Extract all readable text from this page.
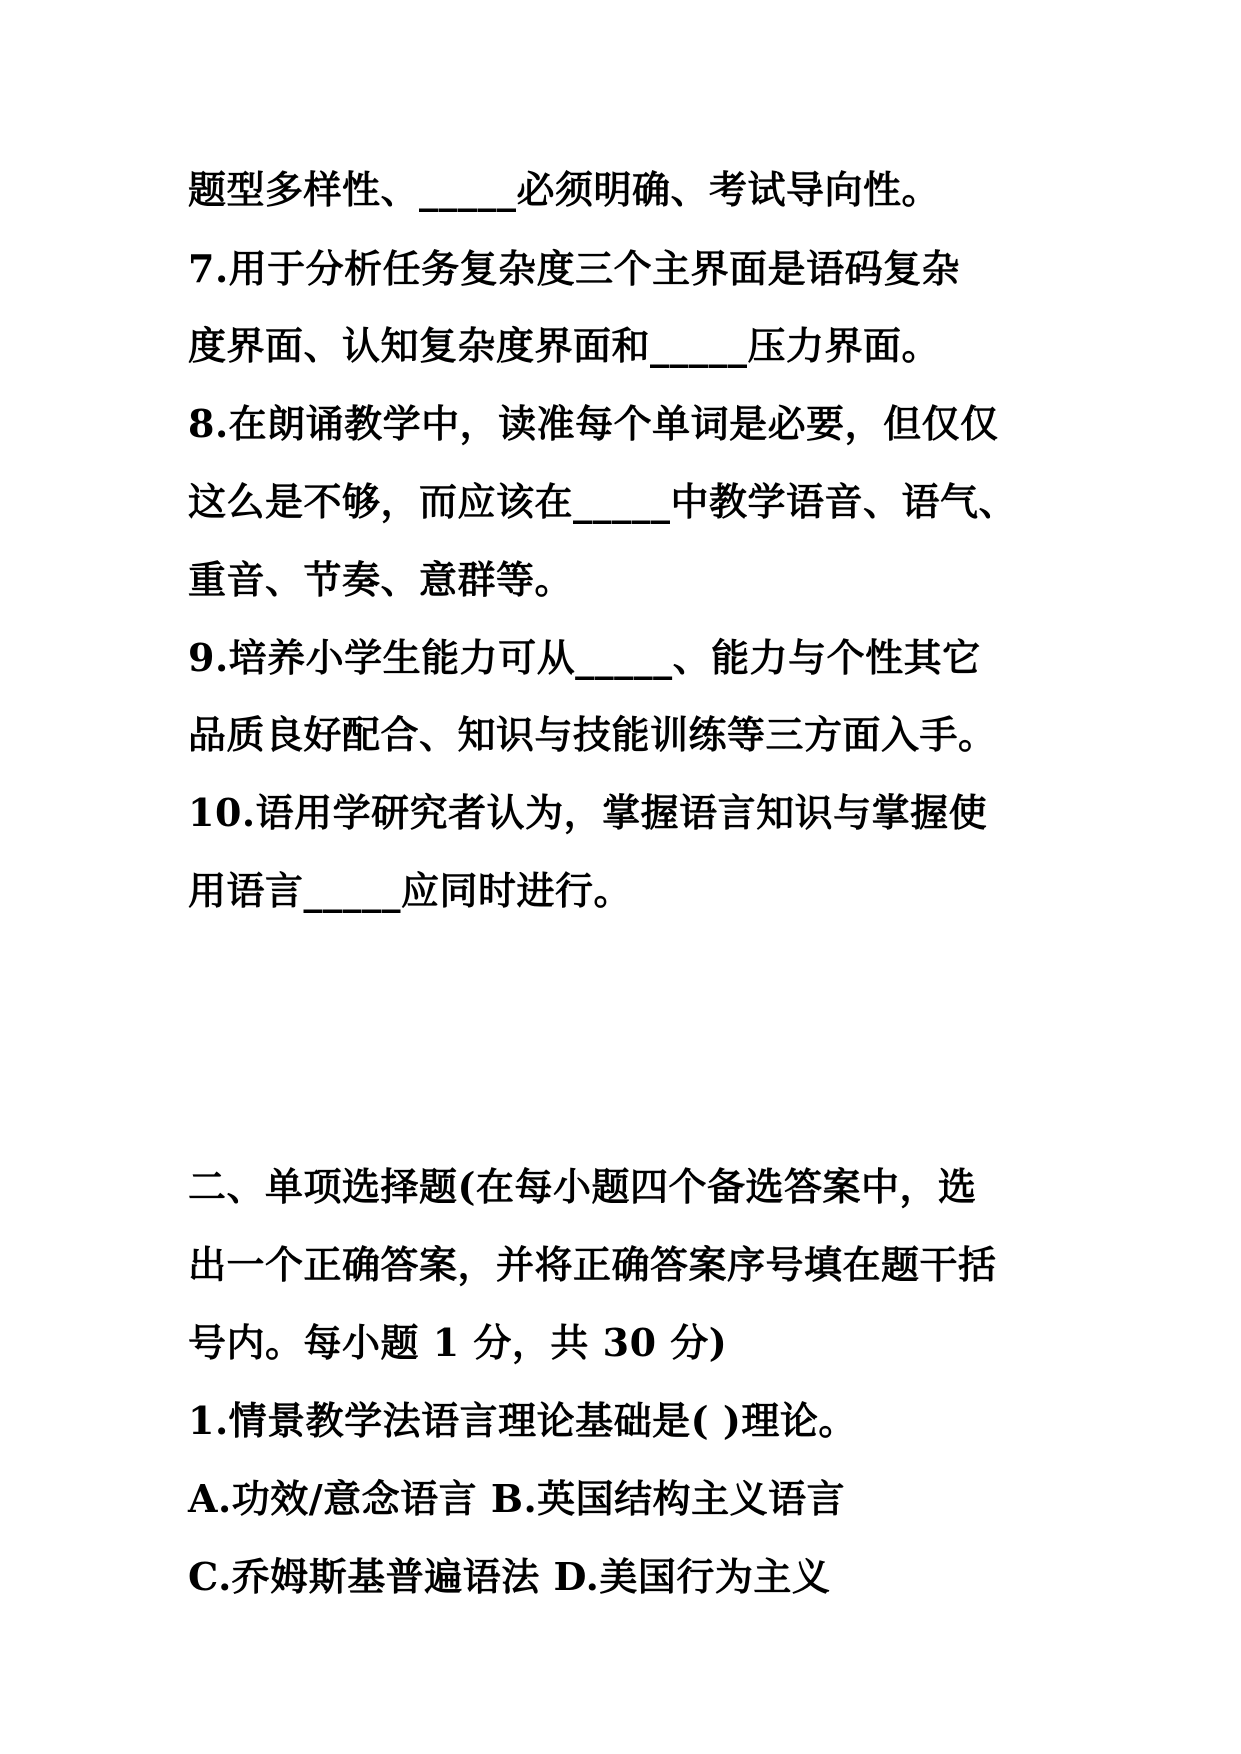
题型多样性、_____必须明确、考试导向性。
7.用于分析任务复杂度三个主界面是语码复杂
度界面、认知复杂度界面和_____压力界面。
8.在朗诵教学中，读准每个单词是必要，但仅仅
这么是不够，而应该在_____中教学语音、语气、
重音、节奏、意群等。
9.培养小学生能力可从_____、能力与个性其它
品质良好配合、知识与技能训练等三方面入手。
10.语用学研究者认为，掌握语言知识与掌握使
用语言_____应同时进行。
二、单项选择题(在每小题四个备选答案中，选
出一个正确答案，并将正确答案序号填在题干括
号内。每小题 1 分，共 30 分)
1.情景教学法语言理论基础是( )理论。
A.功效/意念语言 B.英国结构主义语言
C.乔姆斯基普遍语法 D.美国行为主义
